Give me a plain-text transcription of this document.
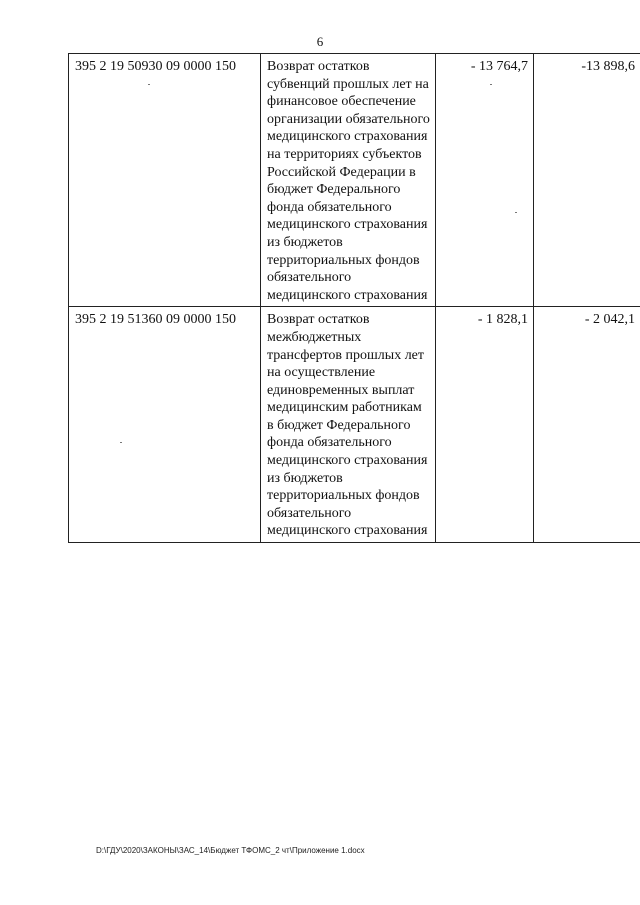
6
395 2 19 50930 09 0000 150	Возврат остатков субвенций прошлых лет на финансовое обеспечение организации обязательного медицинского страхования на территориях субъектов Российской Федерации в бюджет Федерального фонда обязательного медицинского страхования из бюджетов территориальных фондов обязательного медицинского страхования	- 13 764,7	-13 898,6
395 2 19 51360 09 0000 150	Возврат остатков межбюджетных трансфертов прошлых лет на осуществление единовременных выплат медицинским работникам в бюджет Федерального фонда обязательного медицинского страхования из бюджетов территориальных фондов обязательного медицинского страхования	- 1 828,1	- 2 042,1
D:\ГДУ\2020\ЗАКОНЫ\ЗАС_14\Бюджет ТФОМС_2 чт\Приложение 1.docx
